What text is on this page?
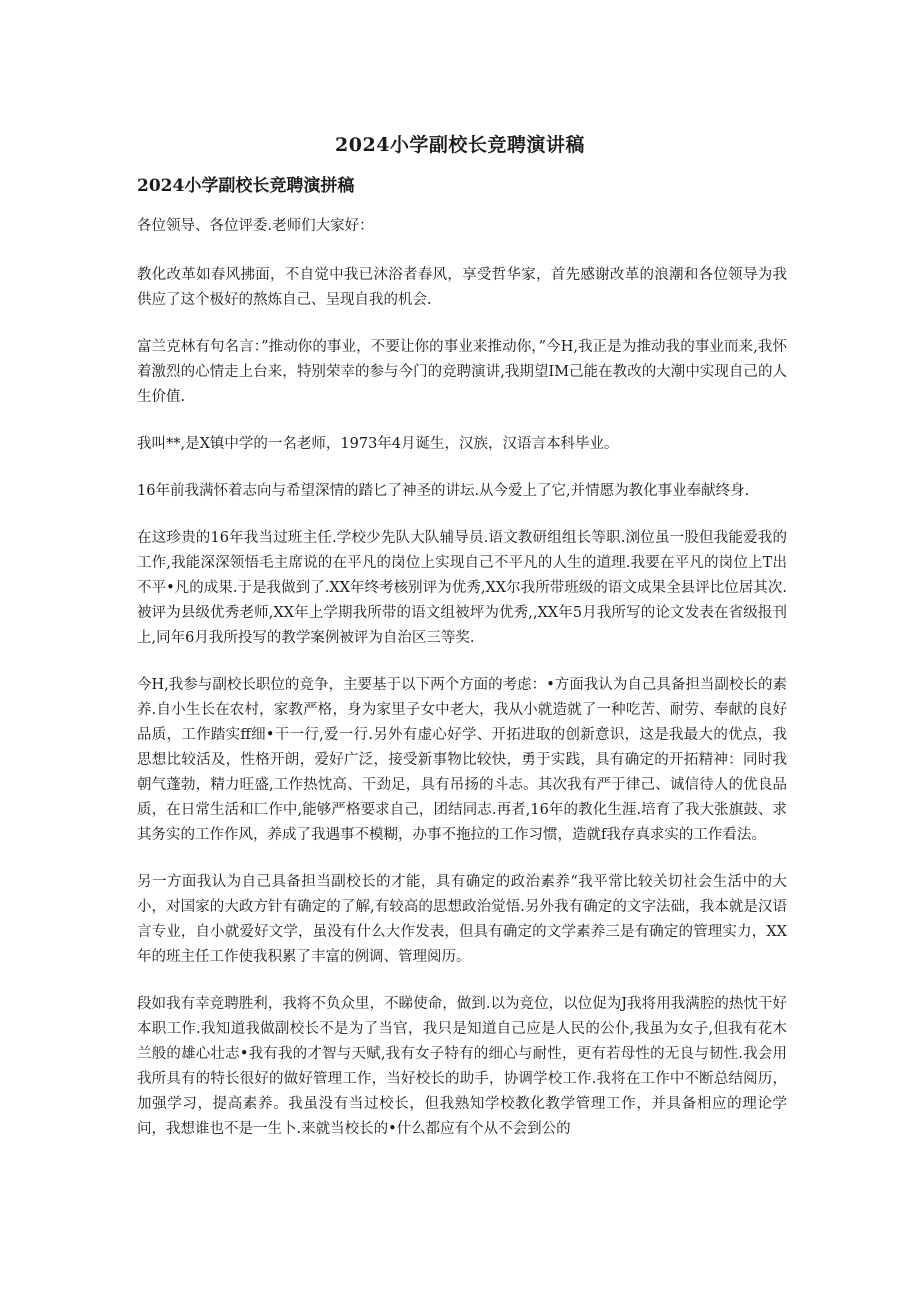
2024小学副校长竞聘演讲稿
2024小学副校长竞聘演拼稿

各位领导、各位评委.老师们大家好：

教化改革如春风拂面，不自觉中我已沐浴者春风，享受哲华家，首先感谢改革的浪潮和各位领导为我供应了这个极好的熬炼自己、呈现自我的机会.

富兰克林有句名言：”推动你的事业，不要让你的事业来推动你，”今H,我正是为推动我的事业而来,我怀着激烈的心情走上台来，特别荣幸的参与今门的竞聘演讲,我期望IM己能在教改的大潮中实现自己的人生价值.

我叫**,是X镇中学的一名老师，1973年4月诞生，汉族，汉语言本科毕业。

16年前我满怀着志向与希望深情的踏匕了神圣的讲坛.从今爱上了它,并情愿为教化事业奉献终身.

在这珍贵的16年我当过班主任.学校少先队大队辅导员.语文教研组组长等职.浏位虽一股但我能爱我的工作,我能深深领悟毛主席说的在平凡的岗位上实现自己不平凡的人生的道理.我要在平凡的岗位上T出不平•凡的成果.于是我做到了.XX年终考核别评为优秀,XX尔我所带班级的语文成果全县评比位居其次.被评为县级优秀老师,XX年上学期我所带的语文组被坪为优秀,,XX年5月我所写的论文发表在省级报刊上,同年6月我所投写的教学案例被评为自治区三等奖.

今H,我参与副校长职位的竞争，主要基于以下两个方面的考虑：•方面我认为自己具备担当副校长的素养.自小生长在农村，家教严格，身为家里子女中老大，我从小就造就了一种吃苦、耐劳、奉献的良好品质，工作踏实ff细•干一行,爱一行.另外有虚心好学、开拓进取的创新意识，这是我最大的优点，我思想比较活及，性格开朗，爱好广泛，接受新事物比较快，勇于实践，具有确定的开拓精神：同时我朝气蓬勃，精力旺盛,工作热忱高、干劲足，具有吊扬的斗志。其次我有严于律己、诚信待人的优良品质，在日常生活和匚作中,能够严格要求自己，团结同志.再者,16年的教化生涯.培育了我大张旗鼓、求其务实的工作作风，养成了我遇事不模糊，办事不拖拉的工作习惯，造就f我存真求实的工作看法。

另一方面我认为自己具备担当副校长的才能，具有确定的政治素养“我平常比较关切社会生活中的大小，对国家的大政方针有确定的了解,有较高的思想政治觉悟.另外我有确定的文字法础，我本就是汉语言专业，自小就爱好文学，虽没有什么大作发表，但具有确定的文学素养三是有确定的管理实力，XX年的班主任工作使我积累了丰富的例调、管理阅历。

段如我有幸竞聘胜利，我将不负众里，不睇使命，做到.以为竞位，以位促为J我将用我满腔的热忱干好本职工作.我知道我做副校长不是为了当官，我只是知道自己应是人民的公仆,我虽为女子,但我有花木兰般的雄心壮志•我有我的才智与天赋,我有女子特有的细心与耐性，更有若母性的无良与韧性.我会用我所具有的特长很好的做好管理工作，当好校长的助手，协调学校工作.我将在工作中不断总结阅历，加强学习，提高素养。我虽没有当过校长，但我熟知学校教化教学管理工作，并具备相应的理论学问，我想谁也不是一生卜.来就当校长的•什么都应有个从不会到公的
